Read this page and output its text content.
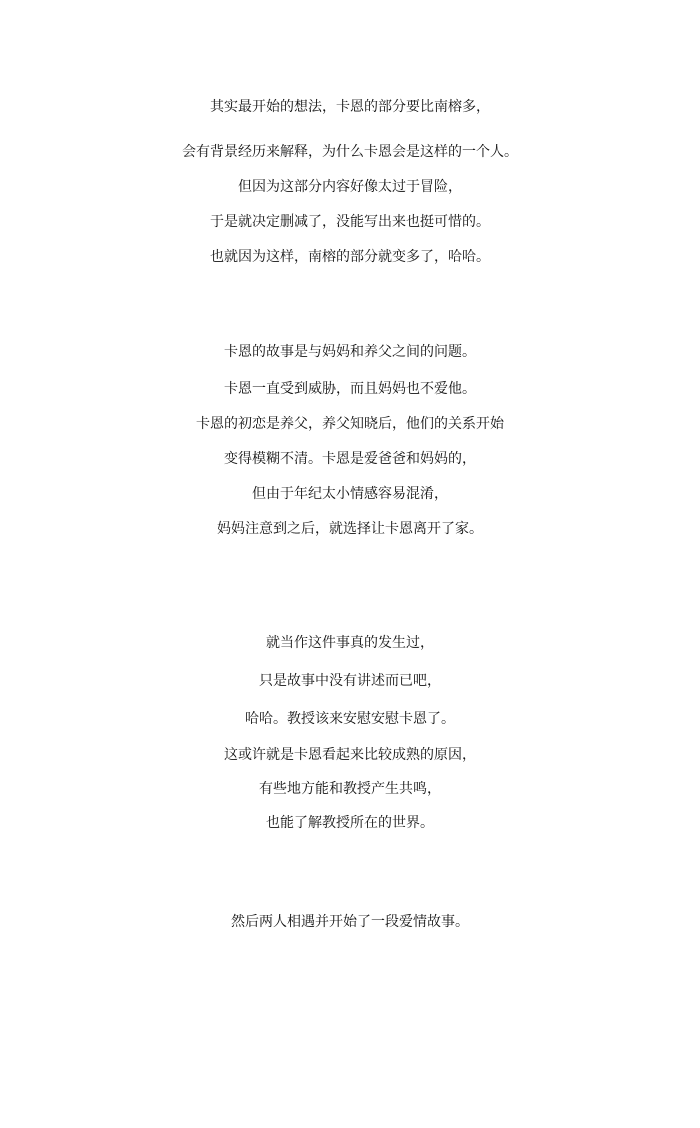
其实最开始的想法，卡恩的部分要比南榕多，
会有背景经历来解释，为什么卡恩会是这样的一个人。
但因为这部分内容好像太过于冒险，
于是就决定删减了，没能写出来也挺可惜的。
也就因为这样，南榕的部分就变多了，哈哈。
卡恩的故事是与妈妈和养父之间的问题。
卡恩一直受到威胁，而且妈妈也不爱他。
卡恩的初恋是养父，养父知晓后，他们的关系开始
变得模糊不清。卡恩是爱爸爸和妈妈的，
但由于年纪太小情感容易混淆，
妈妈注意到之后，就选择让卡恩离开了家。
就当作这件事真的发生过，
只是故事中没有讲述而已吧，
哈哈。教授该来安慰安慰卡恩了。
这或许就是卡恩看起来比较成熟的原因，
有些地方能和教授产生共鸣，
也能了解教授所在的世界。
然后两人相遇并开始了一段爱情故事。
